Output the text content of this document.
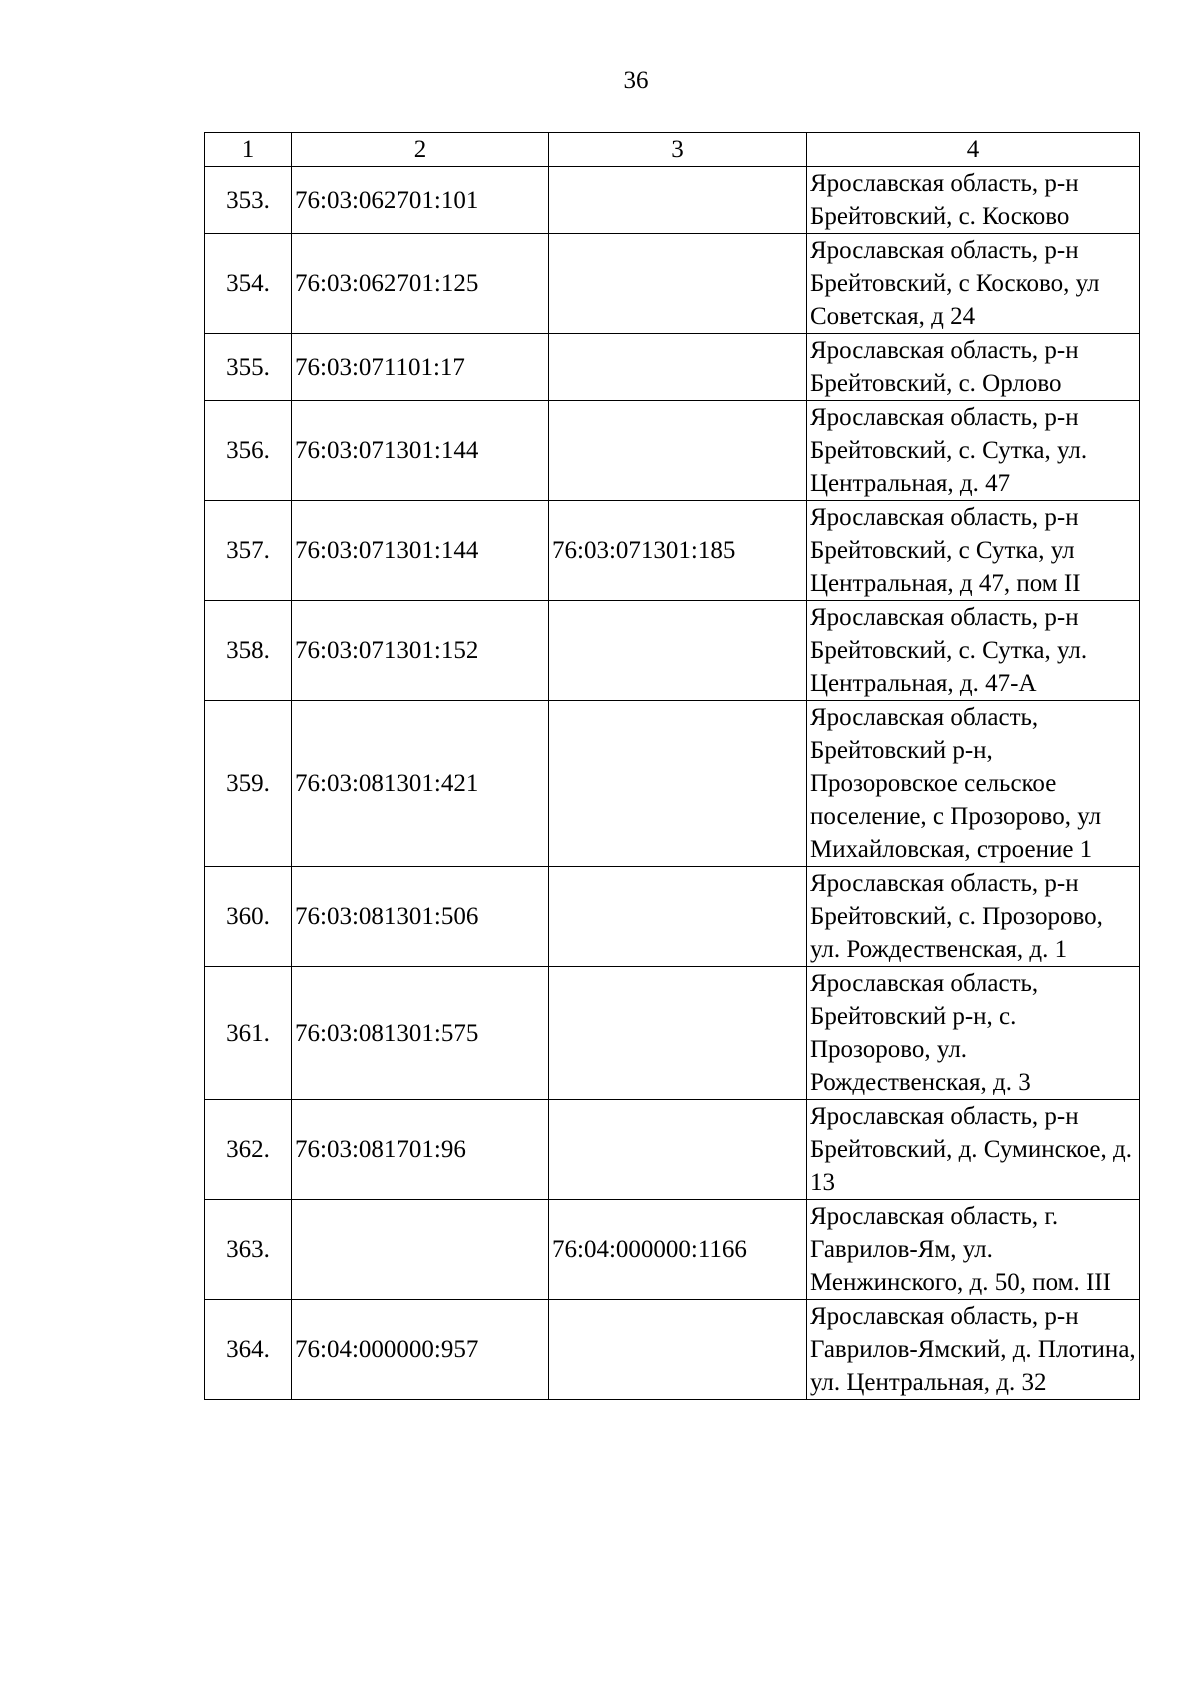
36
1	2	3	4
353.	76:03:062701:101		Ярославская область, р-н Брейтовский, с. Косково
354.	76:03:062701:125		Ярославская область, р-н Брейтовский, с Косково, ул Советская, д 24
355.	76:03:071101:17		Ярославская область, р-н Брейтовский, с. Орлово
356.	76:03:071301:144		Ярославская область, р-н Брейтовский, с. Сутка, ул. Центральная, д. 47
357.	76:03:071301:144	76:03:071301:185	Ярославская область, р-н Брейтовский, с Сутка, ул Центральная, д 47, пом II
358.	76:03:071301:152		Ярославская область, р-н Брейтовский, с. Сутка, ул. Центральная, д. 47-А
359.	76:03:081301:421		Ярославская область, Брейтовский р-н, Прозоровское сельское поселение, с Прозорово, ул Михайловская, строение 1
360.	76:03:081301:506		Ярославская область, р-н Брейтовский, с. Прозорово, ул. Рождественская, д. 1
361.	76:03:081301:575		Ярославская область, Брейтовский р-н, с. Прозорово, ул. Рождественская, д. 3
362.	76:03:081701:96		Ярославская область, р-н Брейтовский, д. Суминское, д. 13
363.		76:04:000000:1166	Ярославская область, г. Гаврилов-Ям, ул. Менжинского, д. 50, пом. III
364.	76:04:000000:957		Ярославская область, р-н Гаврилов-Ямский, д. Плотина, ул. Центральная, д. 32
